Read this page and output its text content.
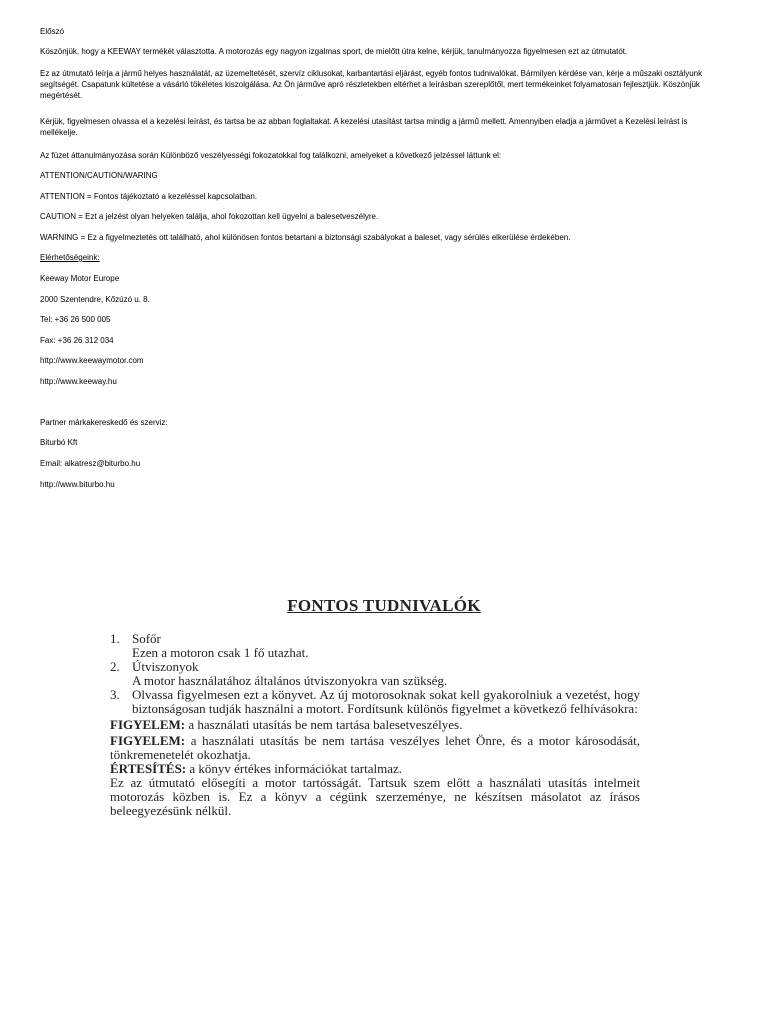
Előszó

Köszönjük, hogy a KEEWAY termékét választotta. A motorozás egy nagyon izgalmas sport, de mielőtt útra kelne, kérjük, tanulmányozza figyelmesen ezt az útmutatót.

Ez az útmutató leírja a jármű helyes használatát, az üzemeltetését, szervíz ciklusokat, karbantartási eljárást, egyéb fontos tudnivalókat. Bármilyen kérdése van, kérje a műszaki osztályunk segítségét. Csapatunk kültetése a vásárló tökéletes kiszolgálása. Az Ön járműve apró részletekben eltérhet a leírásban szereplőtől, mert termékeinket folyamatosan fejlesztjük. Köszönjük megértését.

Kérjük, figyelmesen olvassa el a kezelési leírást, és tartsa be az abban foglaltakat. A kezelési utasítást tartsa mindig a jármű mellett. Amennyiben eladja a járművet a Kezelési leírást is mellékelje.

Az füzet áttanulmányozása során Különböző veszélyességi fokozatokkal fog találkozni, amelyeket a következő jelzéssel láttunk el:

ATTENTION/CAUTION/WARING

ATTENTION = Fontos tájékoztató a kezeléssel kapcsolatban.

CAUTION = Ezt a jelzést olyan helyeken találja, ahol fokozottan kell ügyelni a balesetveszélyre.

WARNING = Ez a figyelmeztetés ott található, ahol különösen fontos betartani a biztonsági szabályokat a baleset, vagy sérülés elkerülése érdekében.

Elérhetőségeink:

Keeway Motor Europe

2000 Szentendre, Kőzúzó u. 8.

Tel: +36 26 500 005

Fax: +36 26 312 034

http://www.keewaymotor.com

http://www.keeway.hu

Partner márkakereskedő és szerviz:

Biturbó Kft

Email: alkatresz@biturbo.hu

http://www.biturbo.hu

FONTOS TUDNIVALÓK

1. Sofőr
Ezen a motoron csak 1 fő utazhat.
2. Útviszonyok
A motor használatához általános útviszonyokra van szükség.
3. Olvassa figyelmesen ezt a könyvet. Az új motorosoknak sokat kell gyakorolniuk a vezetést, hogy biztonságosan tudják használni a motort. Fordítsunk különös figyelmet a következő felhívásokra:
FIGYELEM: a használati utasítás be nem tartása balesetveszélyes.
FIGYELEM: a használati utasítás be nem tartása veszélyes lehet Önre, és a motor károsodását, tönkremenetelét okozhatja.
ÉRTESÍTÉS: a könyv értékes információkat tartalmaz.
Ez az útmutató elősegíti a motor tartósságát. Tartsuk szem előtt a használati utasítás intelmeit motorozás közben is. Ez a könyv a cégünk szerzeménye, ne készítsen másolatot az írásos beleegyezésünk nélkül.
